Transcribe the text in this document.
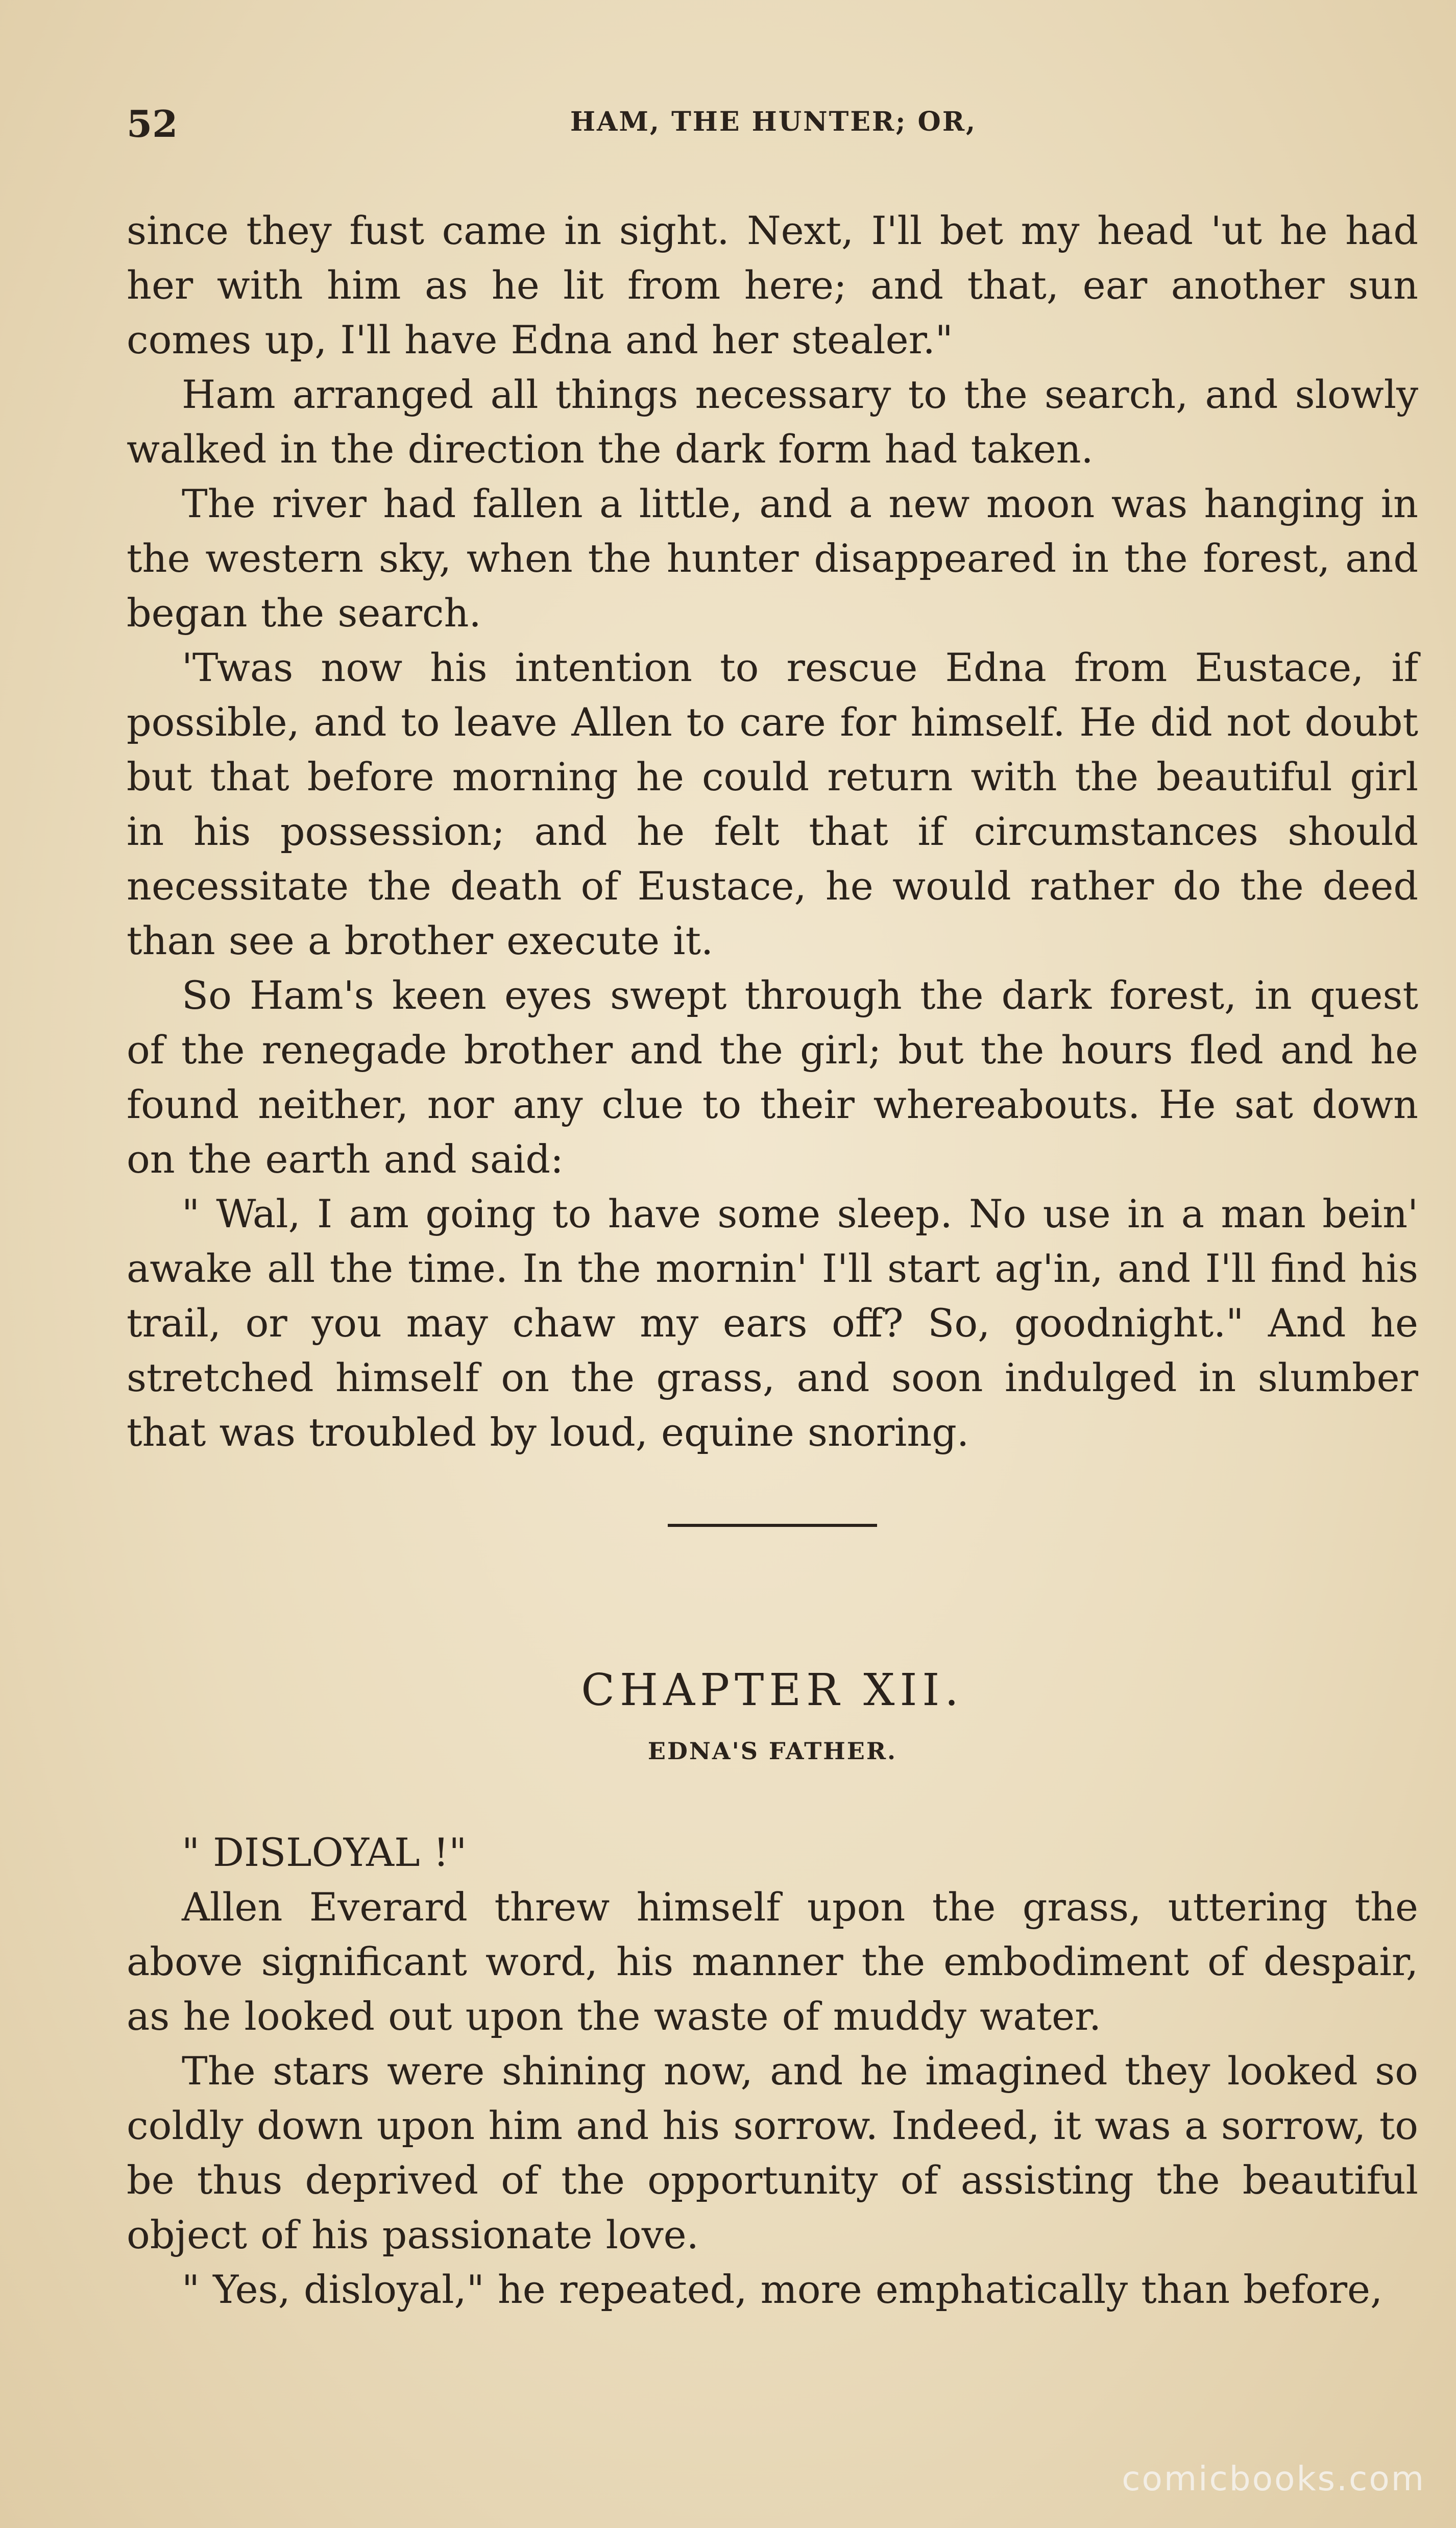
52	HAM, THE HUNTER; OR,

since they fust came in sight. Next, I'll bet my head 'ut he had her with him as he lit from here; and that, ear another sun comes up, I'll have Edna and her stealer."

Ham arranged all things necessary to the search, and slowly walked in the direction the dark form had taken.

The river had fallen a little, and a new moon was hanging in the western sky, when the hunter disappeared in the forest, and began the search.

'Twas now his intention to rescue Edna from Eustace, if possible, and to leave Allen to care for himself. He did not doubt but that before morning he could return with the beautiful girl in his possession; and he felt that if circumstances should necessitate the death of Eustace, he would rather do the deed than see a brother execute it.

So Ham's keen eyes swept through the dark forest, in quest of the renegade brother and the girl; but the hours fled and he found neither, nor any clue to their whereabouts. He sat down on the earth and said:

" Wal, I am going to have some sleep. No use in a man bein' awake all the time. In the mornin' I'll start ag'in, and I'll find his trail, or you may chaw my ears off? So, goodnight." And he stretched himself on the grass, and soon indulged in slumber that was troubled by loud, equine snoring.

CHAPTER XII.
EDNA'S FATHER.

" DISLOYAL !"

Allen Everard threw himself upon the grass, uttering the above significant word, his manner the embodiment of despair, as he looked out upon the waste of muddy water.

The stars were shining now, and he imagined they looked so coldly down upon him and his sorrow. Indeed, it was a sorrow, to be thus deprived of the opportunity of assisting the beautiful object of his passionate love.

" Yes, disloyal," he repeated, more emphatically than before,

comicbooks.com
